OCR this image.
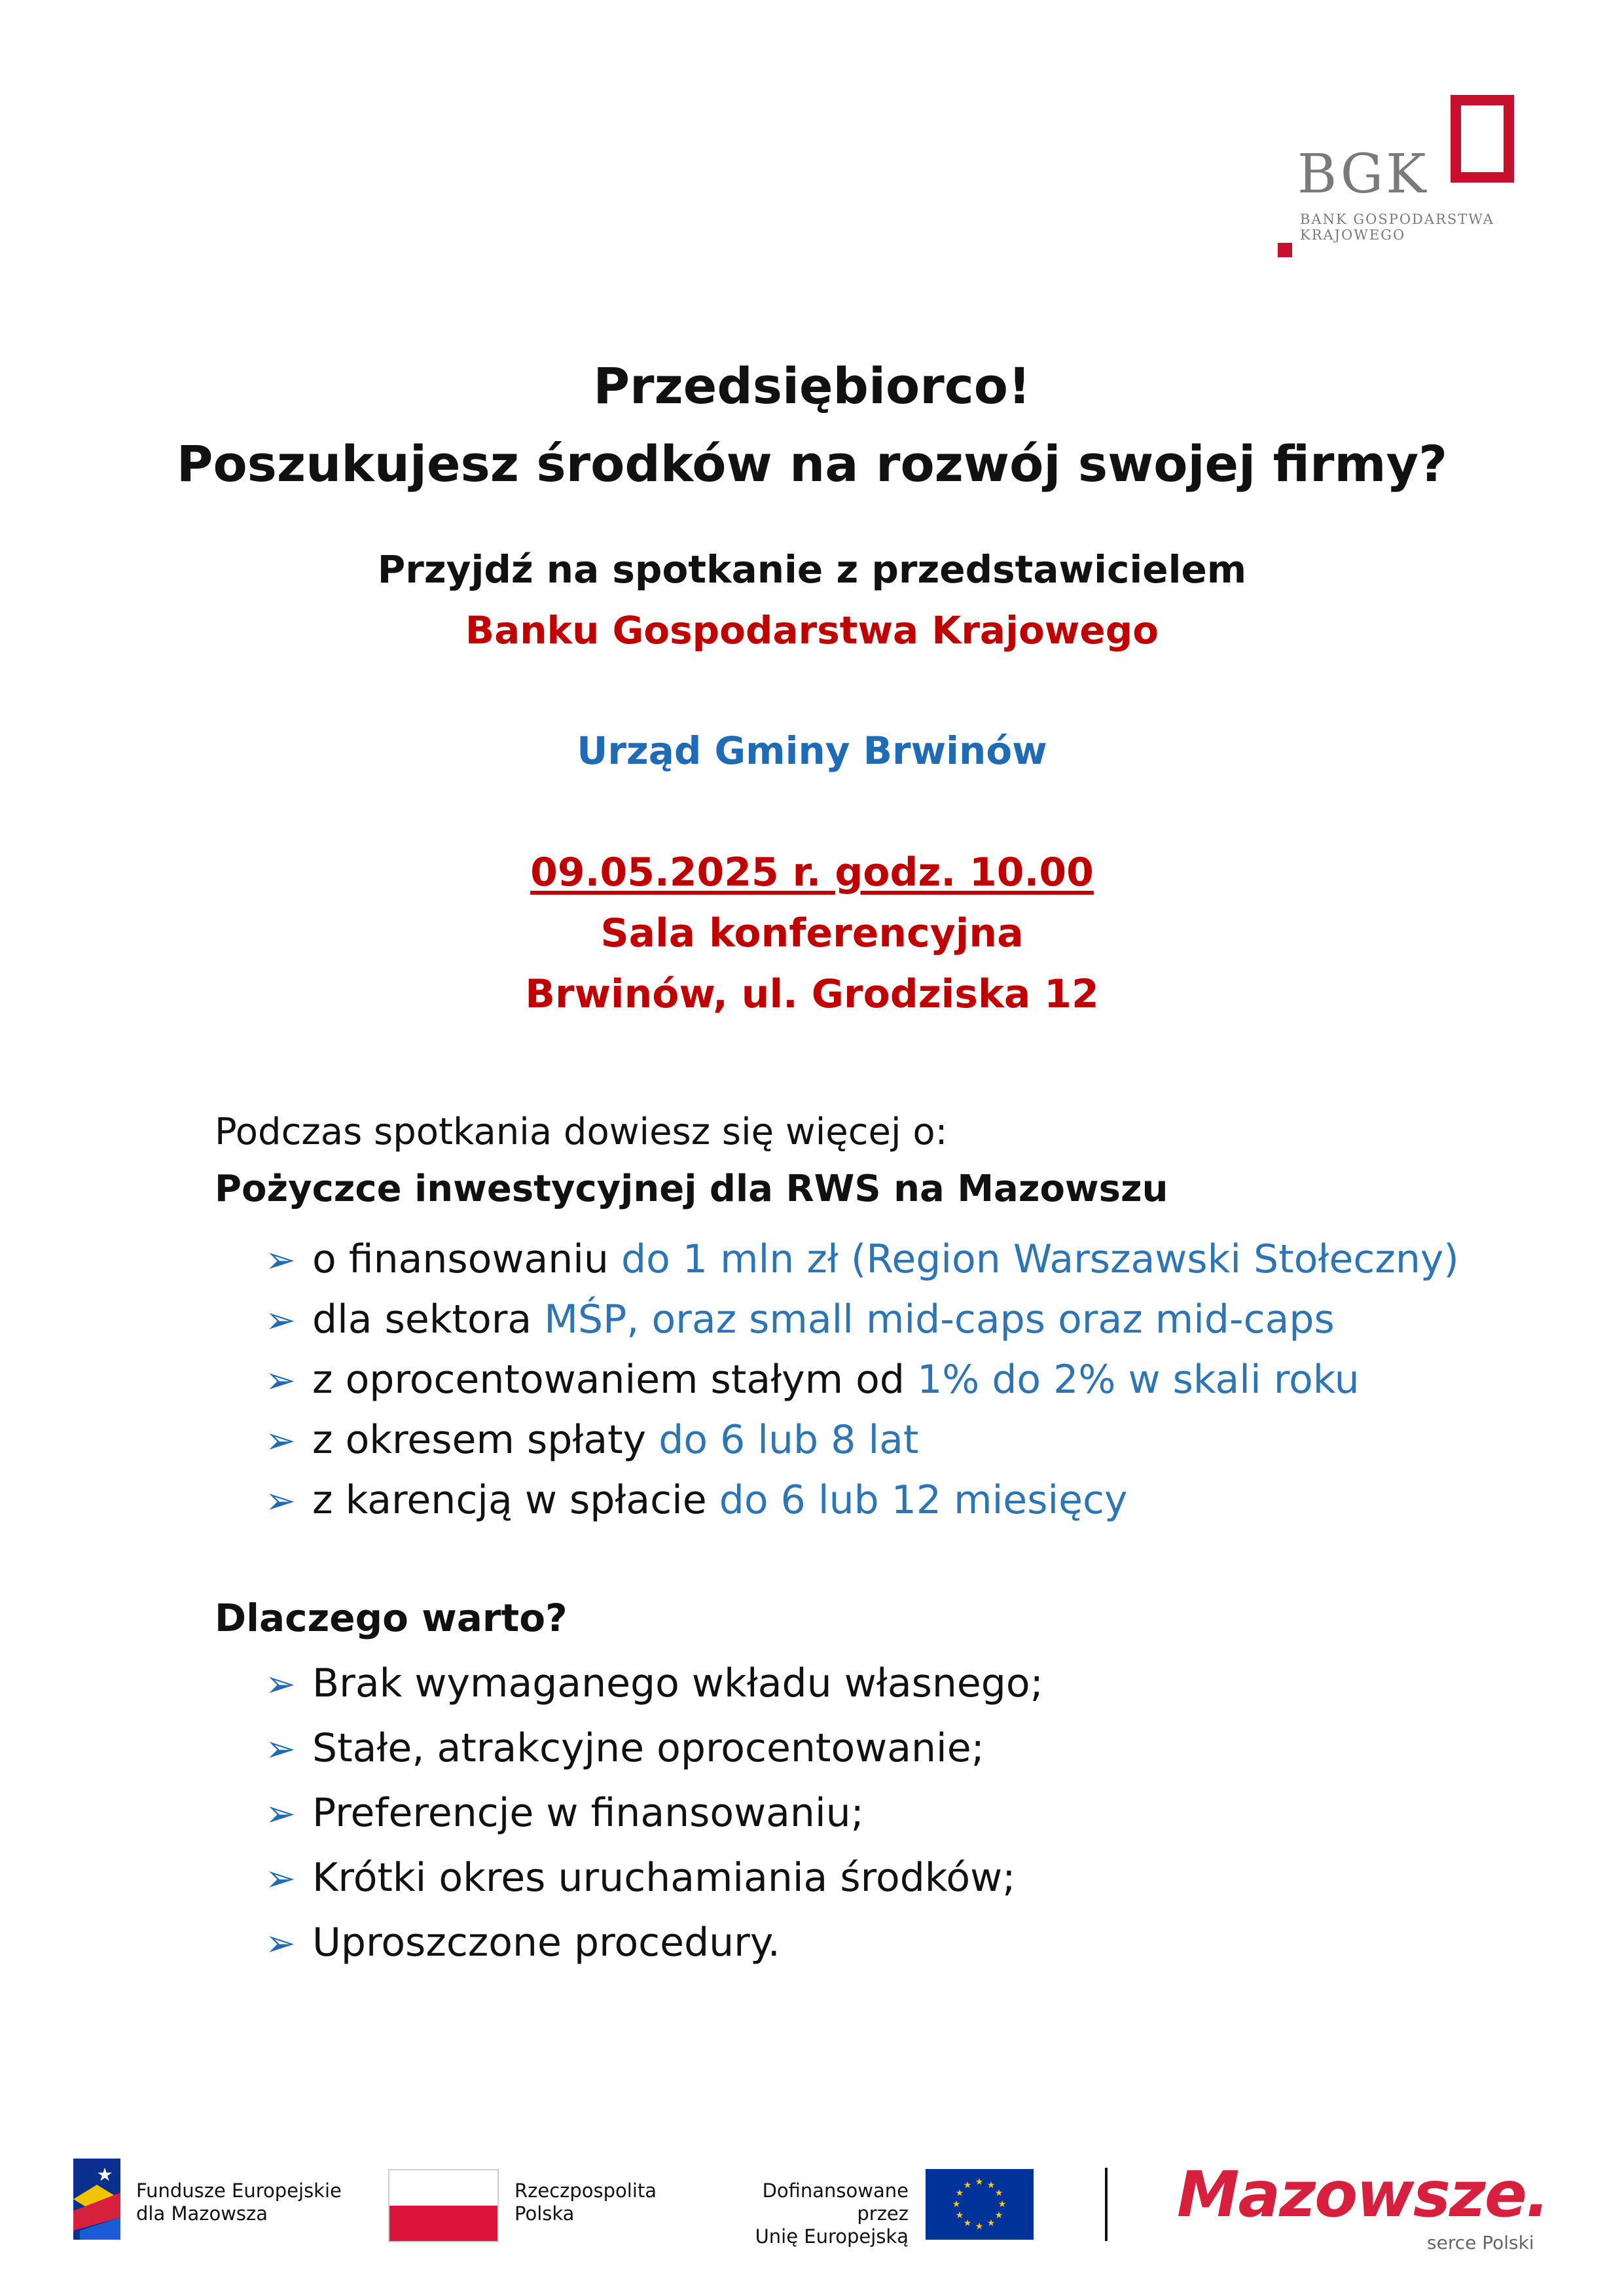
BGK
BANK GOSPODARSTWA
KRAJOWEGO
Przedsiębiorco!
Poszukujesz środków na rozwój swojej firmy?
Przyjdź na spotkanie z przedstawicielem
Banku Gospodarstwa Krajowego
Urząd Gminy Brwinów
09.05.2025 r. godz. 10.00
Sala konferencyjna
Brwinów, ul. Grodziska 12
Podczas spotkania dowiesz się więcej o:
Pożyczce inwestycyjnej dla RWS na Mazowszu
➢ o finansowaniu do 1 mln zł (Region Warszawski Stołeczny)
➢ dla sektora MŚP, oraz small mid-caps oraz mid-caps
➢ z oprocentowaniem stałym od 1% do 2% w skali roku
➢ z okresem spłaty do 6 lub 8 lat
➢ z karencją w spłacie do 6 lub 12 miesięcy
Dlaczego warto?
➢ Brak wymaganego wkładu własnego;
➢ Stałe, atrakcyjne oprocentowanie;
➢ Preferencje w finansowaniu;
➢ Krótki okres uruchamiania środków;
➢ Uproszczone procedury.
★
Fundusze Europejskie
dla Mazowsza
Rzeczpospolita
Polska
Dofinansowane przez
Unię Europejską
★ ★
★
★
★
★
★
★
★
★
★
★	Mazowsze.
serce Polski
